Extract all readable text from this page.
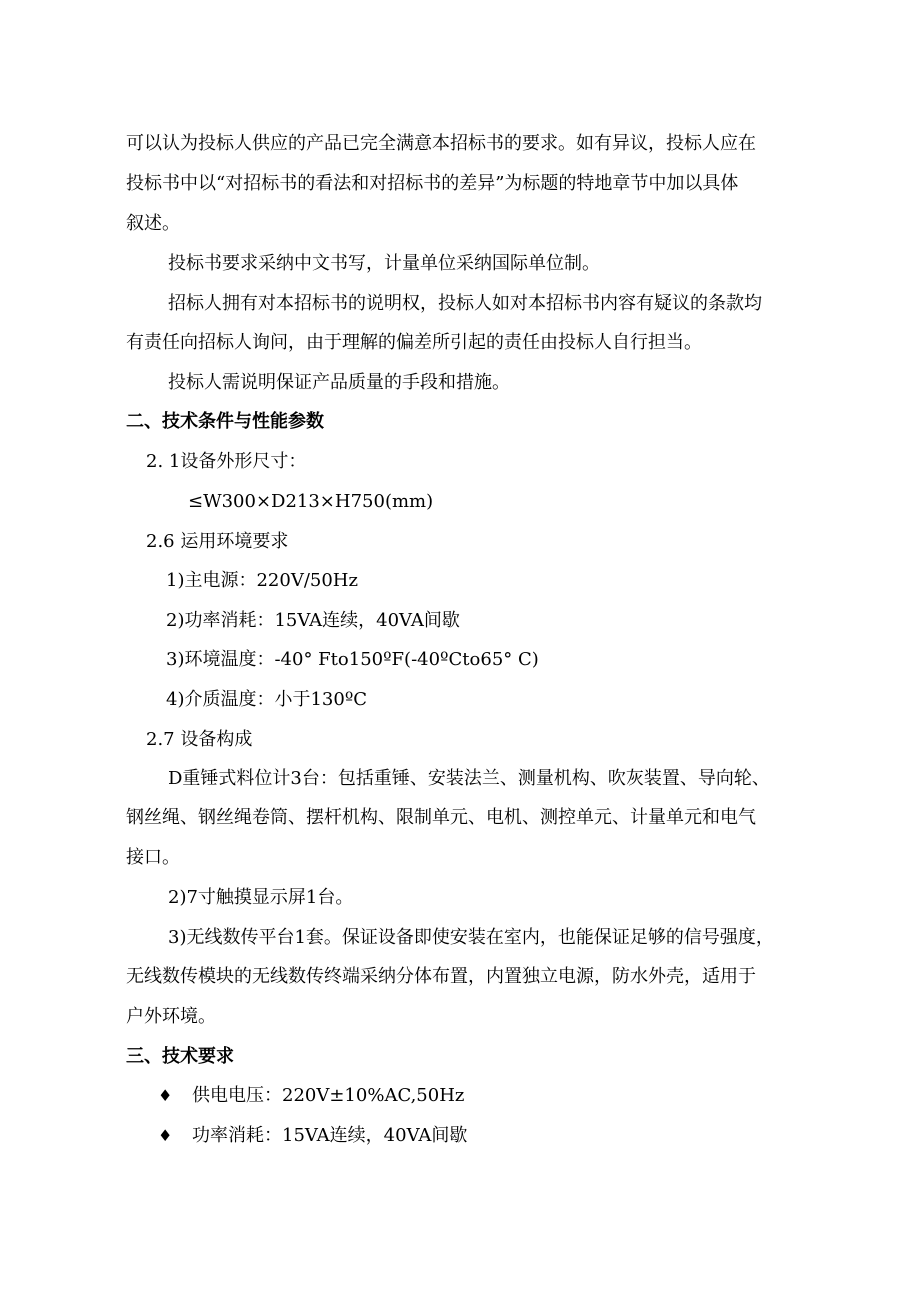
可以认为投标人供应的产品已完全满意本招标书的要求。如有异议，投标人应在

投标书中以“对招标书的看法和对招标书的差异”为标题的特地章节中加以具体

叙述。

投标书要求采纳中文书写，计量单位采纳国际单位制。

招标人拥有对本招标书的说明权，投标人如对本招标书内容有疑议的条款均

有责任向招标人询问，由于理解的偏差所引起的责任由投标人自行担当。

投标人需说明保证产品质量的手段和措施。

二、技术条件与性能参数

2. 1设备外形尺寸：

≤W300×D213×H750(mm)

2.6 运用环境要求

1)主电源：220V/50Hz

2)功率消耗：15VA连续，40VA间歇

3)环境温度：-40° Fto150ºF(-40ºCto65° C)

4)介质温度：小于130ºC

2.7 设备构成

D重锤式料位计3台：包括重锤、安装法兰、测量机构、吹灰装置、导向轮、

钢丝绳、钢丝绳卷筒、摆杆机构、限制单元、电机、测控单元、计量单元和电气

接口。

2)7寸触摸显示屏1台。

3)无线数传平台1套。保证设备即使安装在室内，也能保证足够的信号强度，

无线数传模块的无线数传终端采纳分体布置，内置独立电源，防水外壳，适用于

户外环境。

三、技术要求

♦ 供电电压：220V±10%AC,50Hz

♦ 功率消耗：15VA连续，40VA间歇
